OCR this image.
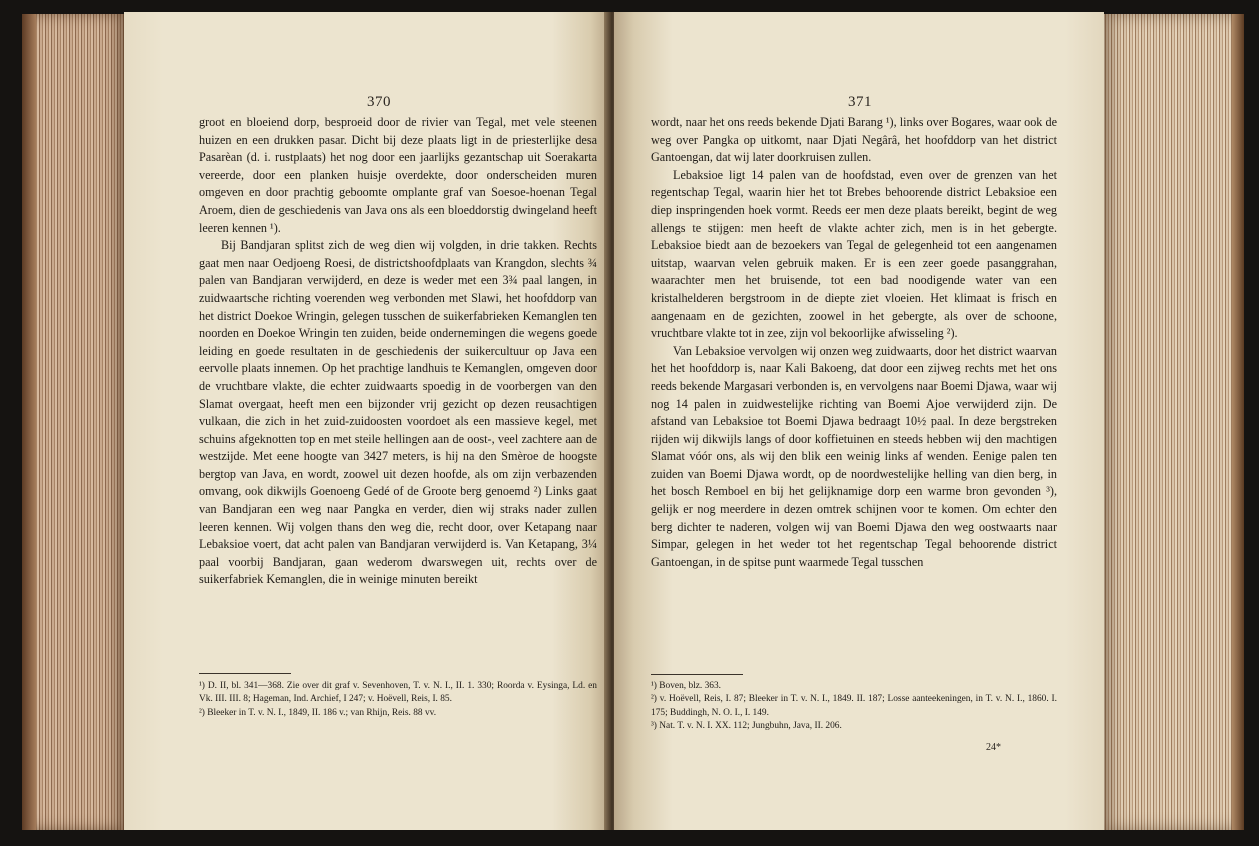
370

groot en bloeiend dorp, besproeid door de rivier van Tegal, met vele steenen huizen en een drukken pasar. Dicht bij deze plaats ligt in de priesterlijke desa Pasarèan (d. i. rustplaats) het nog door een jaarlijks gezantschap uit Soerakarta vereerde, door een planken huisje overdekte, door onderscheiden muren omgeven en door prachtig geboomte omplante graf van Soesoe-hoenan Tegal Aroem, dien de geschiedenis van Java ons als een bloeddorstig dwingeland heeft leeren kennen ¹).

Bij Bandjaran splitst zich de weg dien wij volgden, in drie takken. Rechts gaat men naar Oedjoeng Roesi, de districtshoofdplaats van Krangdon, slechts ¾ palen van Bandjaran verwijderd, en deze is weder met een 3¾ paal langen, in zuidwaartsche richting voerenden weg verbonden met Slawi, het hoofddorp van het district Doekoe Wringin, gelegen tusschen de suikerfabrieken Kemanglen ten noorden en Doekoe Wringin ten zuiden, beide ondernemingen die wegens goede leiding en goede resultaten in de geschiedenis der suikercultuur op Java een eervolle plaats innemen. Op het prachtige landhuis te Kemanglen, omgeven door de vruchtbare vlakte, die echter zuidwaarts spoedig in de voorbergen van den Slamat overgaat, heeft men een bijzonder vrij gezicht op dezen reusachtigen vulkaan, die zich in het zuid-zuidoosten voordoet als een massieve kegel, met schuins afgeknotten top en met steile hellingen aan de oost-, veel zachtere aan de westzijde. Met eene hoogte van 3427 meters, is hij na den Smèroe de hoogste bergtop van Java, en wordt, zoowel uit dezen hoofde, als om zijn verbazenden omvang, ook dikwijls Goenoeng Gedé of de Groote berg genoemd ²) Links gaat van Bandjaran een weg naar Pangka en verder, dien wij straks nader zullen leeren kennen. Wij volgen thans den weg die, recht door, over Ketapang naar Lebaksioe voert, dat acht palen van Bandjaran verwijderd is. Van Ketapang, 3¼ paal voorbij Bandjaran, gaan wederom dwarswegen uit, rechts over de suikerfabriek Kemanglen, die in weinige minuten bereikt

¹) D. II, bl. 341—368. Zie over dit graf v. Sevenhoven, T. v. N. I., II. 1. 330; Roorda v. Eysinga, Ld. en Vk. III. III. 8; Hageman, Ind. Archief, I 247; v. Hoëvell, Reis, I. 85.

²) Bleeker in T. v. N. I., 1849, II. 186 v.; van Rhijn, Reis. 88 vv.

371

wordt, naar het ons reeds bekende Djati Barang ¹), links over Bogares, waar ook de weg over Pangka op uitkomt, naar Djati Negârâ, het hoofddorp van het district Gantoengan, dat wij later doorkruisen zullen.

Lebaksioe ligt 14 palen van de hoofdstad, even over de grenzen van het regentschap Tegal, waarin hier het tot Brebes behoorende district Lebaksioe een diep inspringenden hoek vormt. Reeds eer men deze plaats bereikt, begint de weg allengs te stijgen: men heeft de vlakte achter zich, men is in het gebergte. Lebaksioe biedt aan de bezoekers van Tegal de gelegenheid tot een aangenamen uitstap, waarvan velen gebruik maken. Er is een zeer goede pasanggrahan, waarachter men het bruisende, tot een bad noodigende water van een kristalhelderen bergstroom in de diepte ziet vloeien. Het klimaat is frisch en aangenaam en de gezichten, zoowel in het gebergte, als over de schoone, vruchtbare vlakte tot in zee, zijn vol bekoorlijke afwisseling ²).

Van Lebaksioe vervolgen wij onzen weg zuidwaarts, door het district waarvan het het hoofddorp is, naar Kali Bakoeng, dat door een zijweg rechts met het ons reeds bekende Margasari verbonden is, en vervolgens naar Boemi Djawa, waar wij nog 14 palen in zuidwestelijke richting van Boemi Ajoe verwijderd zijn. De afstand van Lebaksioe tot Boemi Djawa bedraagt 10½ paal. In deze bergstreken rijden wij dikwijls langs of door koffietuinen en steeds hebben wij den machtigen Slamat vóór ons, als wij den blik een weinig links af wenden. Eenige palen ten zuiden van Boemi Djawa wordt, op de noordwestelijke helling van dien berg, in het bosch Remboel en bij het gelijknamige dorp een warme bron gevonden ³), gelijk er nog meerdere in dezen omtrek schijnen voor te komen. Om echter den berg dichter te naderen, volgen wij van Boemi Djawa den weg oostwaarts naar Simpar, gelegen in het weder tot het regentschap Tegal behoorende district Gantoengan, in de spitse punt waarmede Tegal tusschen

¹) Boven, blz. 363.

²) v. Hoëvell, Reis, I. 87; Bleeker in T. v. N. I., 1849. II. 187; Losse aanteekeningen, in T. v. N. I., 1860. I. 175; Buddingh, N. O. I., I. 149.

³) Nat. T. v. N. I. XX. 112; Jungbuhn, Java, II. 206.

24*
